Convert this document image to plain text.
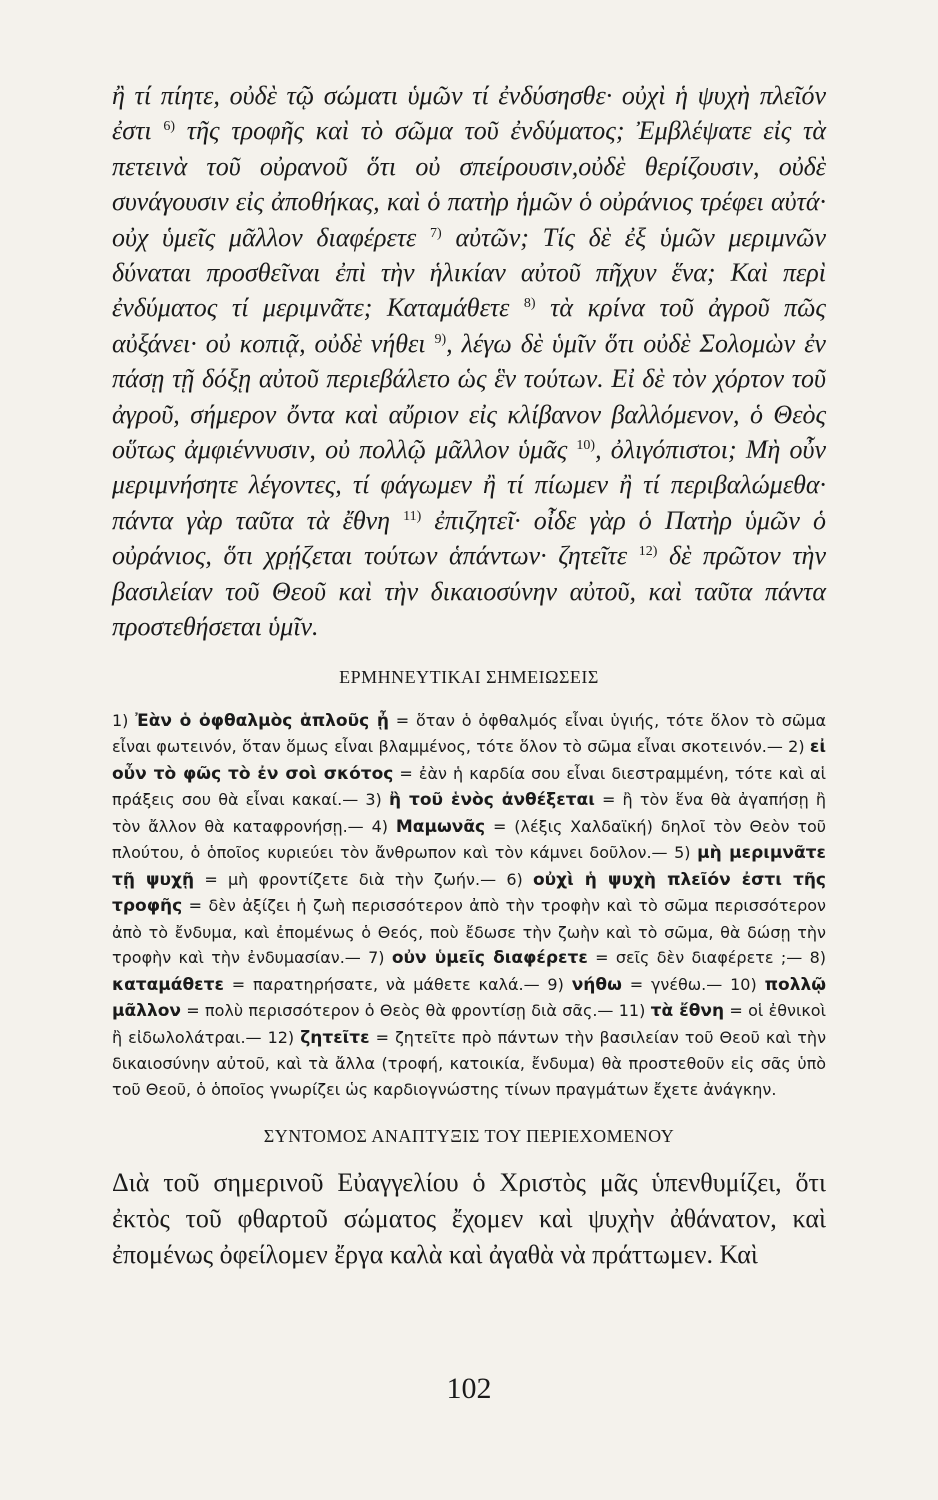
ἢ τί πίητε, οὐδὲ τῷ σώματι ὑμῶν τί ἐνδύσησθε· οὐχὶ ἡ ψυχὴ πλεῖόν ἐστι $^{6)}$ τῆς τροφῆς καὶ τὸ σῶμα τοῦ ἐνδύματος; Ἐμβλέψατε εἰς τὰ πετεινὰ τοῦ οὐρανοῦ ὅτι οὐ σπείρουσιν,οὐδὲ θερίζουσιν, οὐδὲ συνάγουσιν εἰς ἀποθήκας, καὶ ὁ πατὴρ ἡμῶν ὁ οὐράνιος τρέφει αὐτά· οὐχ ὑμεῖς μᾶλλον διαφέρετε $^{7)}$ αὐτῶν; Τίς δὲ ἐξ ὑμῶν μεριμνῶν δύναται προσθεῖναι ἐπὶ τὴν ἡλικίαν αὐτοῦ πῆχυν ἕνα; Καὶ περὶ ἐνδύματος τί μεριμνᾶτε; Καταμάθετε $^{8)}$ τὰ κρίνα τοῦ ἀγροῦ πῶς αὐξάνει· οὐ κοπιᾷ, οὐδὲ νήθει $^{9)}$, λέγω δὲ ὑμῖν ὅτι οὐδὲ Σολομὼν ἐν πάσῃ τῇ δόξῃ αὐτοῦ περιεβάλετο ὡς ἓν τούτων. Εἰ δὲ τὸν χόρτον τοῦ ἀγροῦ, σήμερον ὄντα καὶ αὔριον εἰς κλίβανον βαλλόμενον, ὁ Θεὸς οὕτως ἀμφιέννυσιν, οὐ πολλῷ μᾶλλον ὑμᾶς $^{10)}$, ὀλιγόπιστοι; Μὴ οὖν μεριμνήσητε λέγοντες, τί φάγωμεν ἢ τί πίωμεν ἢ τί περιβαλώμεθα· πάντα γὰρ ταῦτα τὰ ἔθνη $^{11)}$ ἐπιζητεῖ· οἶδε γὰρ ὁ Πατὴρ ὑμῶν ὁ οὐράνιος, ὅτι χρῄζεται τούτων ἁπάντων· ζητεῖτε $^{12)}$ δὲ πρῶτον τὴν βασιλείαν τοῦ Θεοῦ καὶ τὴν δικαιοσύνην αὐτοῦ, καὶ ταῦτα πάντα προστεθήσεται ὑμῖν.

ΕΡΜΗΝΕΥΤΙΚΑΙ ΣΗΜΕΙΩΣΕΙΣ

1) Ἐὰν ὁ ὀφθαλμὸς ἁπλοῦς ᾖ = ὅταν ὁ ὀφθαλμός εἶναι ὑγιής, τότε ὅλον τὸ σῶμα εἶναι φωτεινόν, ὅταν ὅμως εἶναι βλαμμένος, τότε ὅλον τὸ σῶμα εἶναι σκοτεινόν.— 2) εἰ οὖν τὸ φῶς τὸ ἐν σοὶ σκότος = ἐὰν ἡ καρδία σου εἶναι διεστραμμένη, τότε καὶ αἱ πράξεις σου θὰ εἶναι κακαί.— 3) ἢ τοῦ ἑνὸς ἀνθέξεται = ἢ τὸν ἕνα θὰ ἀγαπήσῃ ἢ τὸν ἄλλον θὰ καταφρονήσῃ.— 4) Μαμωνᾶς = (λέξις Χαλδαϊκή) δηλοῖ τὸν Θεὸν τοῦ πλούτου, ὁ ὁποῖος κυριεύει τὸν ἄνθρωπον καὶ τὸν κάμνει δοῦλον.— 5) μὴ μεριμνᾶτε τῇ ψυχῇ = μὴ φροντίζετε διὰ τὴν ζωήν.— 6) οὐχὶ ἡ ψυχὴ πλεῖόν ἐστι τῆς τροφῆς = δὲν ἀξίζει ἡ ζωὴ περισσότερον ἀπὸ τὴν τροφὴν καὶ τὸ σῶμα περισσότερον ἀπὸ τὸ ἔνδυμα, καὶ ἐπομένως ὁ Θεός, ποὺ ἔδωσε τὴν ζωὴν καὶ τὸ σῶμα, θὰ δώσῃ τὴν τροφὴν καὶ τὴν ἐνδυμασίαν.— 7) οὐν ὑμεῖς διαφέρετε = σεῖς δὲν διαφέρετε ;— 8) καταμάθετε = παρατηρήσατε, νὰ μάθετε καλά.— 9) νήθω = γνέθω.— 10) πολλῷ μᾶλλον = πολὺ περισσότερον ὁ Θεὸς θὰ φροντίσῃ διὰ σᾶς.— 11) τὰ ἔθνη = οἱ ἐθνικοὶ ἢ εἰδωλολάτραι.— 12) ζητεῖτε = ζητεῖτε πρὸ πάντων τὴν βασιλείαν τοῦ Θεοῦ καὶ τὴν δικαιοσύνην αὐτοῦ, καὶ τὰ ἄλλα (τροφή, κατοικία, ἔνδυμα) θὰ προστεθοῦν εἰς σᾶς ὑπὸ τοῦ Θεοῦ, ὁ ὁποῖος γνωρίζει ὡς καρδιογνώστης τίνων πραγμάτων ἔχετε ἀνάγκην.

ΣΥΝΤΟΜΟΣ ΑΝΑΠΤΥΞΙΣ ΤΟΥ ΠΕΡΙΕΧΟΜΕΝΟΥ

Διὰ τοῦ σημερινοῦ Εὐαγγελίου ὁ Χριστὸς μᾶς ὑπενθυμίζει, ὅτι ἐκτὸς τοῦ φθαρτοῦ σώματος ἔχομεν καὶ ψυχὴν ἀθάνατον, καὶ ἐπομένως ὀφείλομεν ἔργα καλὰ καὶ ἀγαθὰ νὰ πράττωμεν. Καὶ

102
